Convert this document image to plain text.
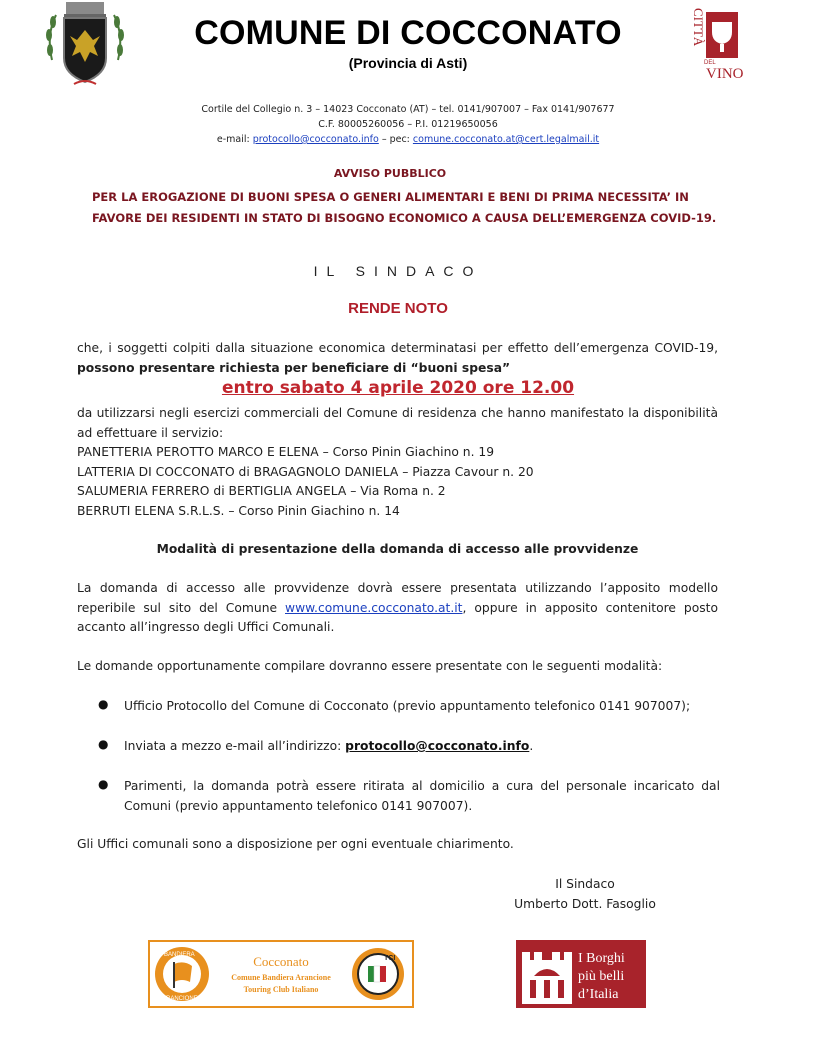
COMUNE DI COCCONATO
(Provincia di Asti)
CITTÀ
DEL
VINO
Cortile del Collegio n. 3 – 14023 Cocconato (AT) – tel. 0141/907007 – Fax 0141/907677
C.F. 80005260056 – P.I. 01219650056
e-mail: protocollo@cocconato.info – pec: comune.cocconato.at@cert.legalmail.it
AVVISO PUBBLICO
PER LA EROGAZIONE DI BUONI SPESA O GENERI ALIMENTARI E BENI DI PRIMA NECESSITA’ IN FAVORE DEI RESIDENTI IN STATO DI BISOGNO ECONOMICO A CAUSA DELL’EMERGENZA COVID-19.
IL SINDACO
RENDE NOTO
che, i soggetti colpiti dalla situazione economica determinatasi per effetto dell’emergenza COVID-19, possono presentare richiesta per beneficiare di “buoni spesa”
entro sabato 4 aprile 2020 ore 12.00
da utilizzarsi negli esercizi commerciali del Comune di residenza che hanno manifestato la disponibilità ad effettuare il servizio:
PANETTERIA PEROTTO MARCO E ELENA – Corso Pinin Giachino n. 19
LATTERIA DI COCCONATO di BRAGAGNOLO DANIELA – Piazza Cavour n. 20
SALUMERIA FERRERO di BERTIGLIA ANGELA – Via Roma n. 2
BERRUTI ELENA S.R.L.S. – Corso Pinin Giachino n. 14
Modalità di presentazione della domanda di accesso alle provvidenze
La domanda di accesso alle provvidenze dovrà essere presentata utilizzando l’apposito modello reperibile sul sito del Comune www.comune.cocconato.at.it, oppure in apposito contenitore posto accanto all’ingresso degli Uffici Comunali.
Le domande opportunamente compilare dovranno essere presentate con le seguenti modalità:
● Ufficio Protocollo del Comune di Cocconato (previo appuntamento telefonico 0141 907007);
● Inviata a mezzo e-mail all’indirizzo: protocollo@cocconato.info.
● Parimenti, la domanda potrà essere ritirata al domicilio a cura del personale incaricato dal Comuni (previo appuntamento telefonico 0141 907007).
Gli Uffici comunali sono a disposizione per ogni eventuale chiarimento.
Il Sindaco
Umberto Dott. Fasoglio
BANDIERA
ARANCIONE
Cocconato
Comune Bandiera Arancione
Touring Club Italiano
TCI	I Borghi
più belli
d’Italia
